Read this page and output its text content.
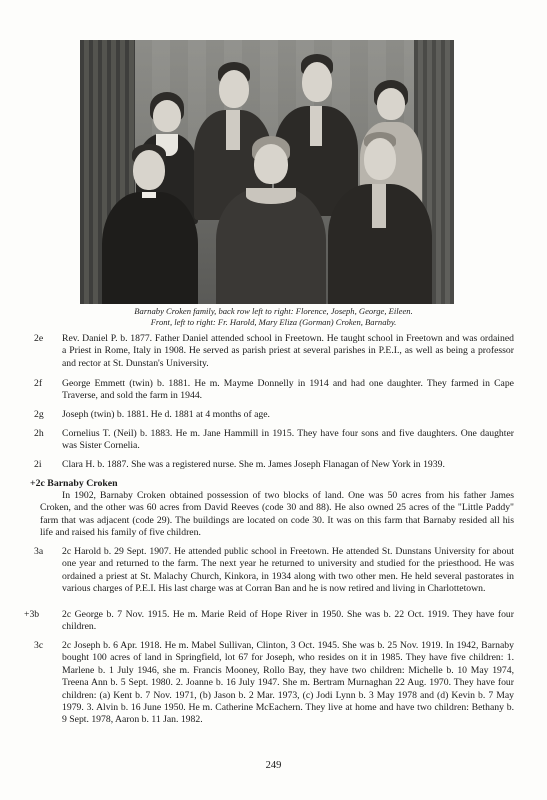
Barnaby Croken family, back row left to right: Florence, Joseph, George, Eileen.
Front, left to right: Fr. Harold, Mary Eliza (Gorman) Croken, Barnaby.
2e	Rev. Daniel P. b. 1877. Father Daniel attended school in Freetown. He taught school in Freetown and was ordained a Priest in Rome, Italy in 1908. He served as parish priest at several parishes in P.E.I., as well as being a professor and rector at St. Dunstan's University.
2f	George Emmett (twin) b. 1881. He m. Mayme Donnelly in 1914 and had one daughter. They farmed in Cape Traverse, and sold the farm in 1944.
2g	Joseph (twin) b. 1881. He d. 1881 at 4 months of age.
2h	Cornelius T. (Neil) b. 1883. He m. Jane Hammill in 1915. They have four sons and five daughters. One daughter was Sister Cornelia.
2i	Clara H. b. 1887. She was a registered nurse. She m. James Joseph Flanagan of New York in 1939.
+2c Barnaby Croken
In 1902, Barnaby Croken obtained possession of two blocks of land. One was 50 acres from his father James Croken, and the other was 60 acres from David Reeves (code 30 and 88). He also owned 25 acres of the "Little Paddy" farm that was adjacent (code 29). The buildings are located on code 30. It was on this farm that Barnaby resided all his life and raised his family of five children.
3a	2c Harold b. 29 Sept. 1907. He attended public school in Freetown. He attended St. Dunstans University for about one year and returned to the farm. The next year he returned to university and studied for the priesthood. He was ordained a priest at St. Malachy Church, Kinkora, in 1934 along with two other men. He held several pastorates in various charges of P.E.I. His last charge was at Corran Ban and he is now retired and living in Charlottetown.
+3b	2c George b. 7 Nov. 1915. He m. Marie Reid of Hope River in 1950. She was b. 22 Oct. 1919. They have four children.
3c	2c Joseph b. 6 Apr. 1918. He m. Mabel Sullivan, Clinton, 3 Oct. 1945. She was b. 25 Nov. 1919. In 1942, Barnaby bought 100 acres of land in Springfield, lot 67 for Joseph, who resides on it in 1985. They have five children: 1. Marlene b. 1 July 1946, she m. Francis Mooney, Rollo Bay, they have two children: Michelle b. 10 May 1974, Treena Ann b. 5 Sept. 1980. 2. Joanne b. 16 July 1947. She m. Bertram Murnaghan 22 Aug. 1970. They have four children: (a) Kent b. 7 Nov. 1971, (b) Jason b. 2 Mar. 1973, (c) Jodi Lynn b. 3 May 1978 and (d) Kevin b. 7 May 1979. 3. Alvin b. 16 June 1950. He m. Catherine McEachern. They live at home and have two children: Bethany b. 9 Sept. 1978, Aaron b. 11 Jan. 1982.
249
